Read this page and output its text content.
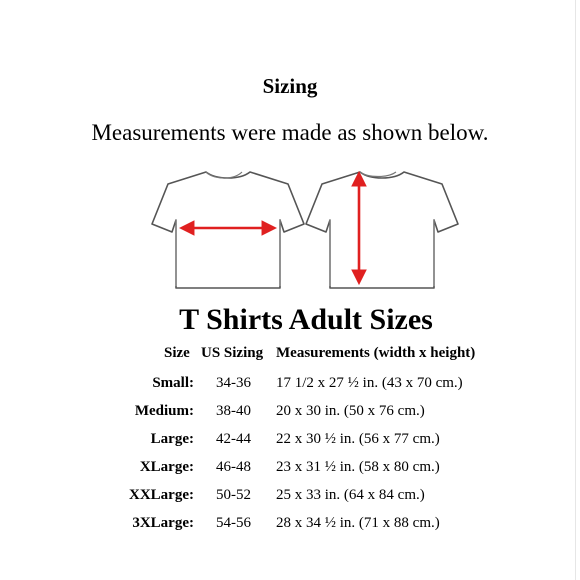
Sizing
Measurements were made as shown below.
T Shirts Adult Sizes
Size US Sizing Measurements (width x height)
Small: 34-36 17 1/2 x 27 ½ in. (43 x 70 cm.)
Medium: 38-40 20 x 30 in. (50 x 76 cm.)
Large: 42-44 22 x 30 ½ in. (56 x 77 cm.)
XLarge: 46-48 23 x 31 ½ in. (58 x 80 cm.)
XXLarge: 50-52 25 x 33 in. (64 x 84 cm.)
3XLarge: 54-56 28 x 34 ½ in. (71 x 88 cm.)
